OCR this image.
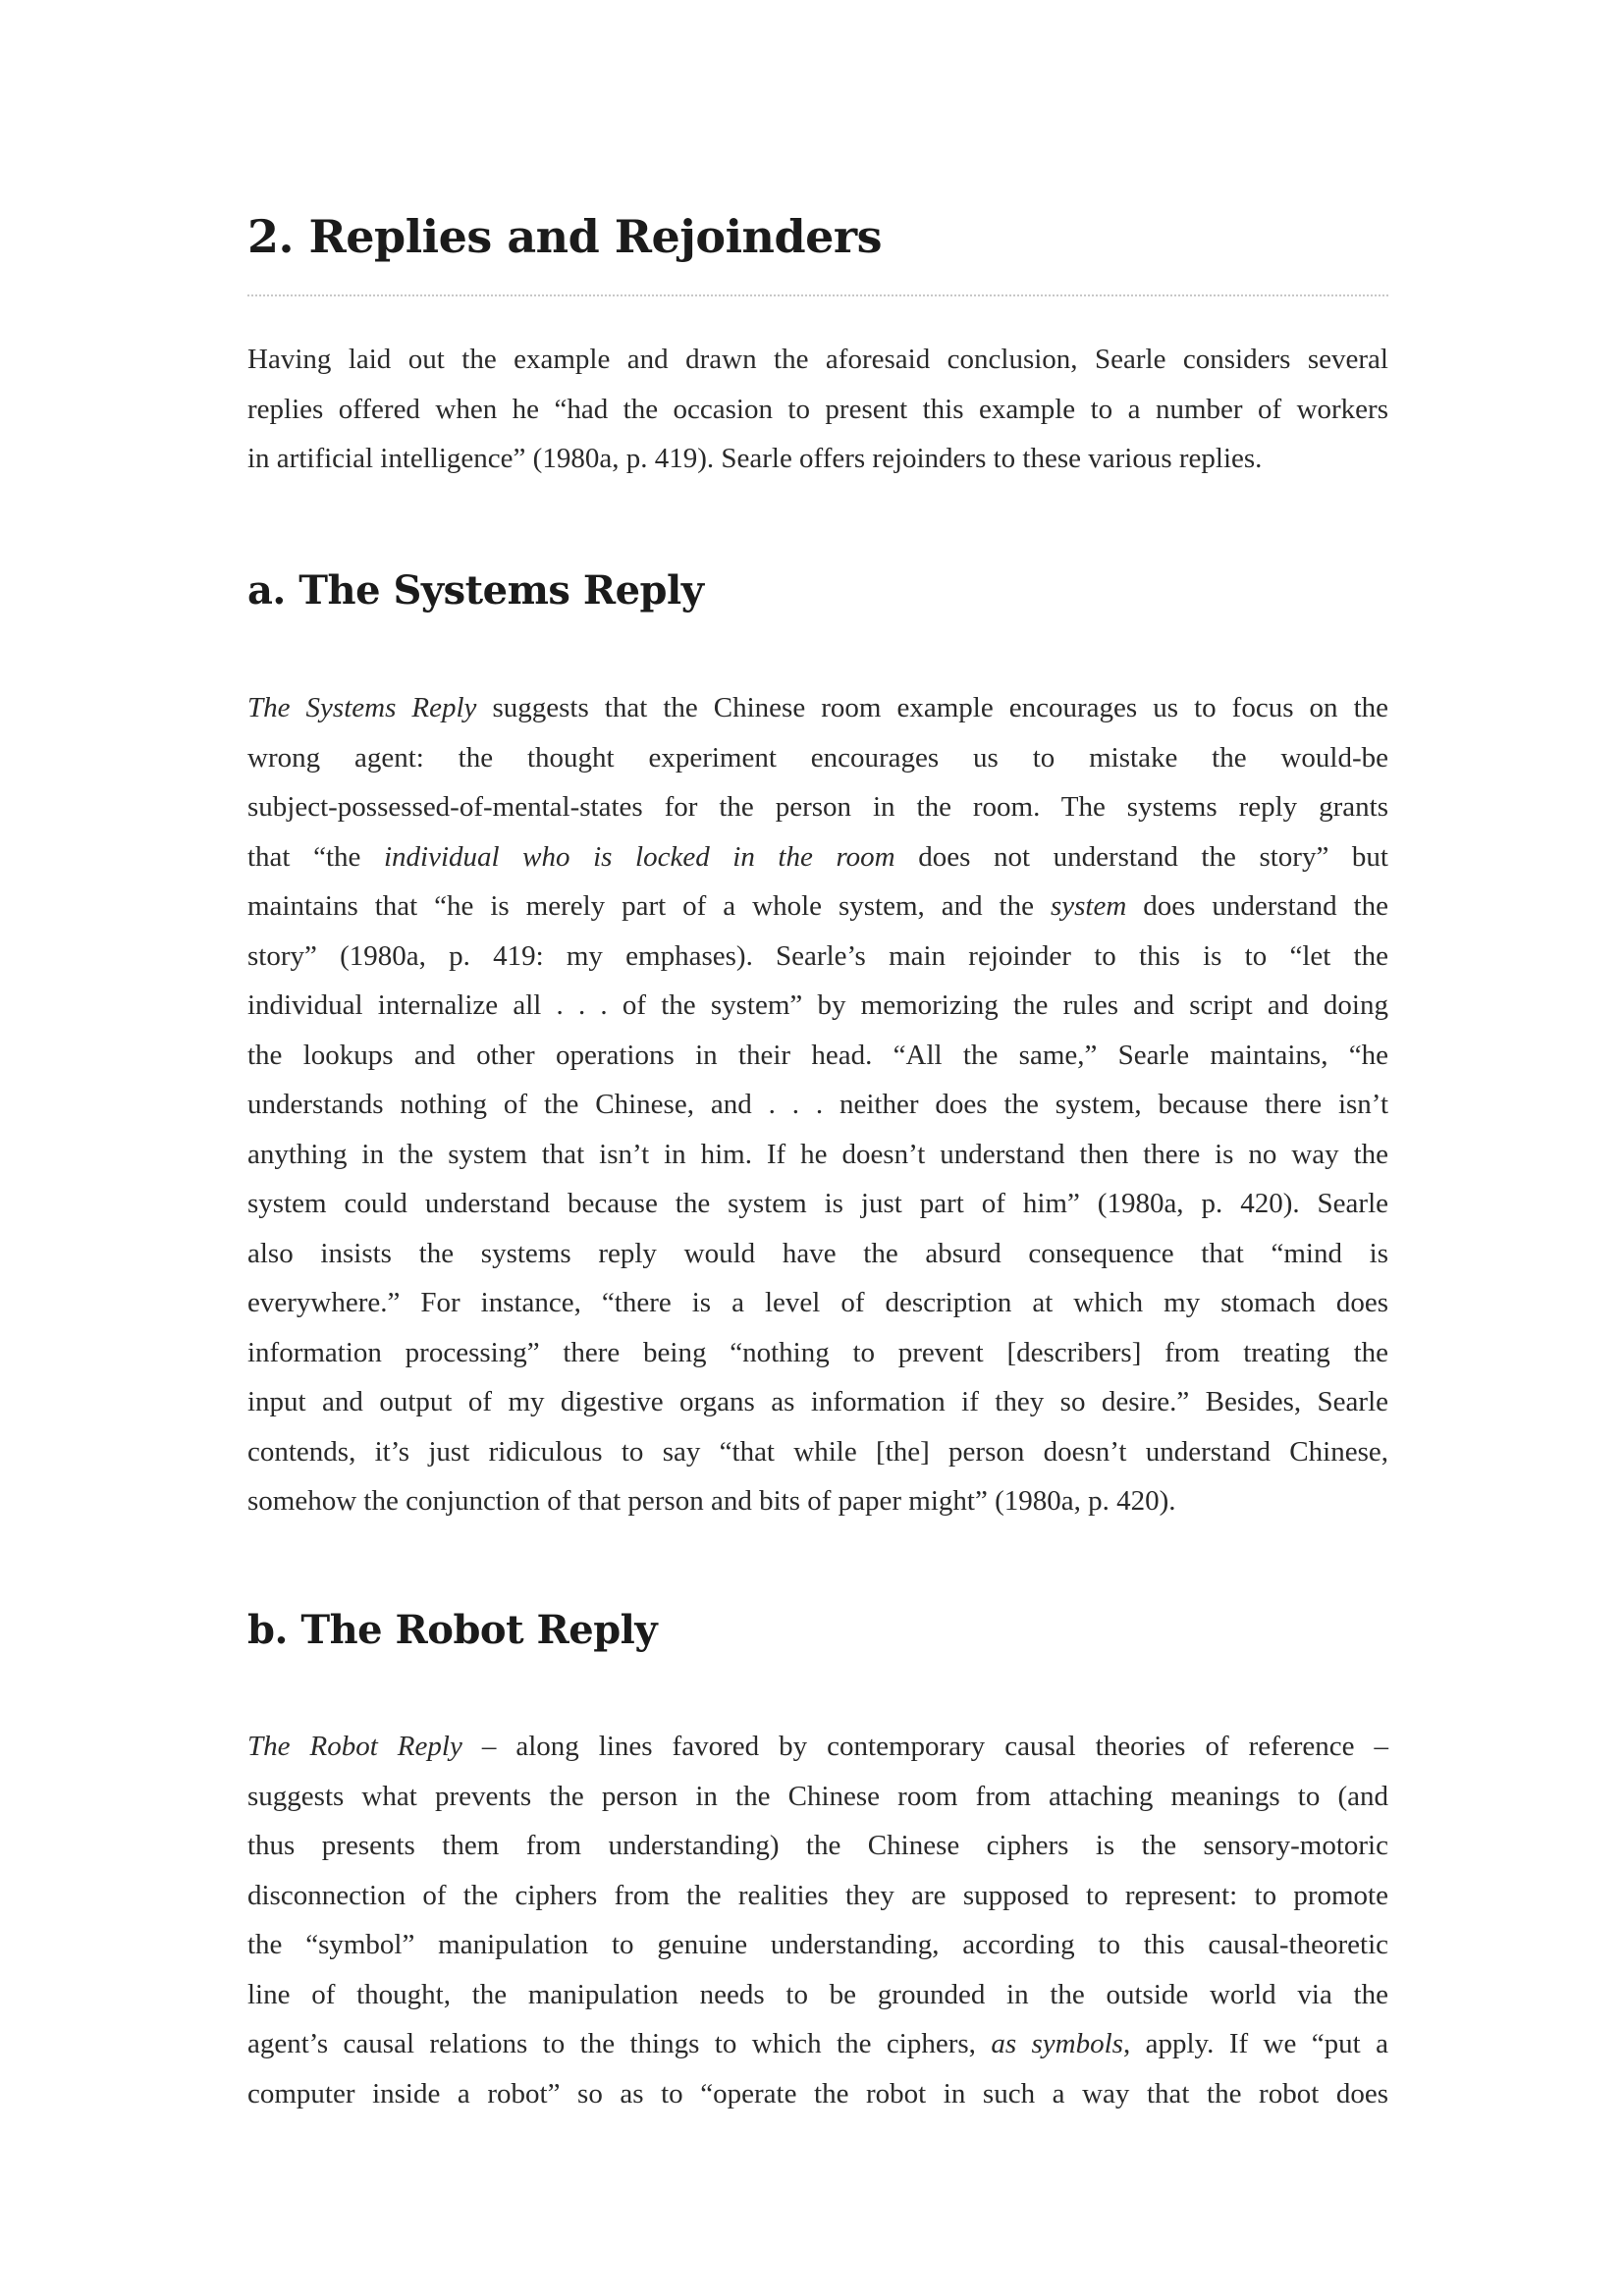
2. Replies and Rejoinders
Having laid out the example and drawn the aforesaid conclusion, Searle considers several
replies offered when he “had the occasion to present this example to a number of workers
in artificial intelligence” (1980a, p. 419). Searle offers rejoinders to these various replies.
a. The Systems Reply
The Systems Reply suggests that the Chinese room example encourages us to focus on the
wrong agent: the thought experiment encourages us to mistake the would-be
subject-possessed-of-mental-states for the person in the room. The systems reply grants
that “the individual who is locked in the room does not understand the story” but
maintains that “he is merely part of a whole system, and the system does understand the
story” (1980a, p. 419: my emphases). Searle’s main rejoinder to this is to “let the
individual internalize all . . . of the system” by memorizing the rules and script and doing
the lookups and other operations in their head. “All the same,” Searle maintains, “he
understands nothing of the Chinese, and . . . neither does the system, because there isn’t
anything in the system that isn’t in him. If he doesn’t understand then there is no way the
system could understand because the system is just part of him” (1980a, p. 420). Searle
also insists the systems reply would have the absurd consequence that “mind is
everywhere.” For instance, “there is a level of description at which my stomach does
information processing” there being “nothing to prevent [describers] from treating the
input and output of my digestive organs as information if they so desire.” Besides, Searle
contends, it’s just ridiculous to say “that while [the] person doesn’t understand Chinese,
somehow the conjunction of that person and bits of paper might” (1980a, p. 420).
b. The Robot Reply
The Robot Reply – along lines favored by contemporary causal theories of reference –
suggests what prevents the person in the Chinese room from attaching meanings to (and
thus presents them from understanding) the Chinese ciphers is the sensory-motoric
disconnection of the ciphers from the realities they are supposed to represent: to promote
the “symbol” manipulation to genuine understanding, according to this causal-theoretic
line of thought, the manipulation needs to be grounded in the outside world via the
agent’s causal relations to the things to which the ciphers, as symbols, apply. If we “put a
computer inside a robot” so as to “operate the robot in such a way that the robot does
